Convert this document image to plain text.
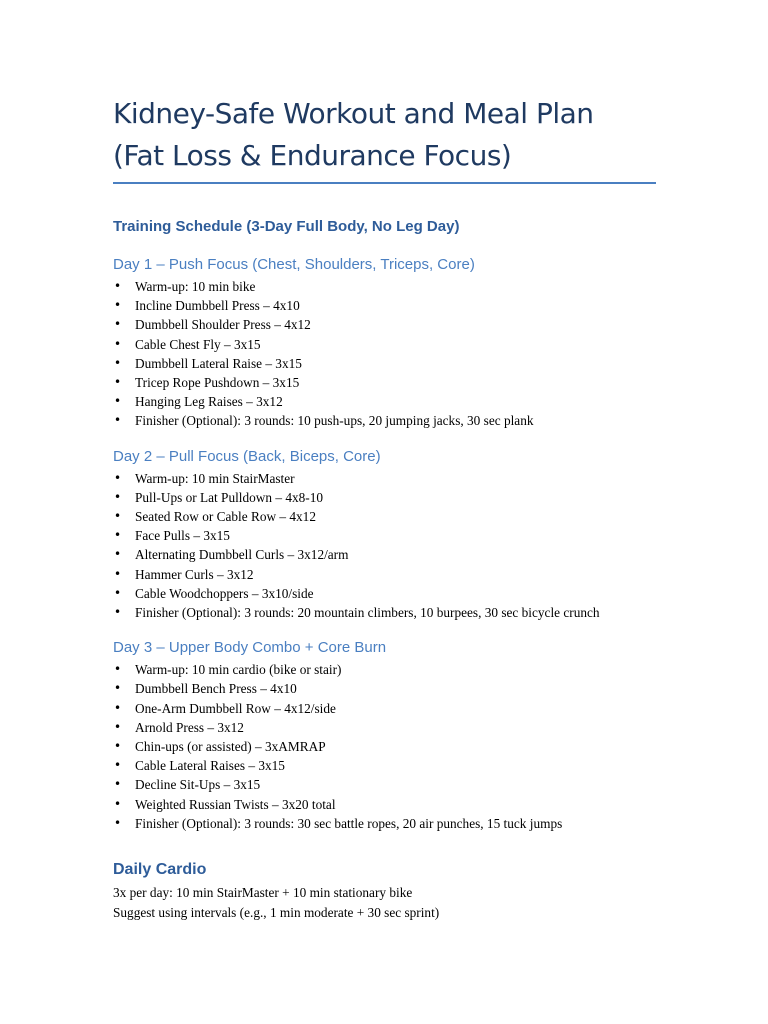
Kidney-Safe Workout and Meal Plan
(Fat Loss & Endurance Focus)
Training Schedule (3-Day Full Body, No Leg Day)
Day 1 – Push Focus (Chest, Shoulders, Triceps, Core)
• Warm-up: 10 min bike
• Incline Dumbbell Press – 4x10
• Dumbbell Shoulder Press – 4x12
• Cable Chest Fly – 3x15
• Dumbbell Lateral Raise – 3x15
• Tricep Rope Pushdown – 3x15
• Hanging Leg Raises – 3x12
• Finisher (Optional): 3 rounds: 10 push-ups, 20 jumping jacks, 30 sec plank
Day 2 – Pull Focus (Back, Biceps, Core)
• Warm-up: 10 min StairMaster
• Pull-Ups or Lat Pulldown – 4x8-10
• Seated Row or Cable Row – 4x12
• Face Pulls – 3x15
• Alternating Dumbbell Curls – 3x12/arm
• Hammer Curls – 3x12
• Cable Woodchoppers – 3x10/side
• Finisher (Optional): 3 rounds: 20 mountain climbers, 10 burpees, 30 sec bicycle crunch
Day 3 – Upper Body Combo + Core Burn
• Warm-up: 10 min cardio (bike or stair)
• Dumbbell Bench Press – 4x10
• One-Arm Dumbbell Row – 4x12/side
• Arnold Press – 3x12
• Chin-ups (or assisted) – 3xAMRAP
• Cable Lateral Raises – 3x15
• Decline Sit-Ups – 3x15
• Weighted Russian Twists – 3x20 total
• Finisher (Optional): 3 rounds: 30 sec battle ropes, 20 air punches, 15 tuck jumps
Daily Cardio

3x per day: 10 min StairMaster + 10 min stationary bike
Suggest using intervals (e.g., 1 min moderate + 30 sec sprint)
